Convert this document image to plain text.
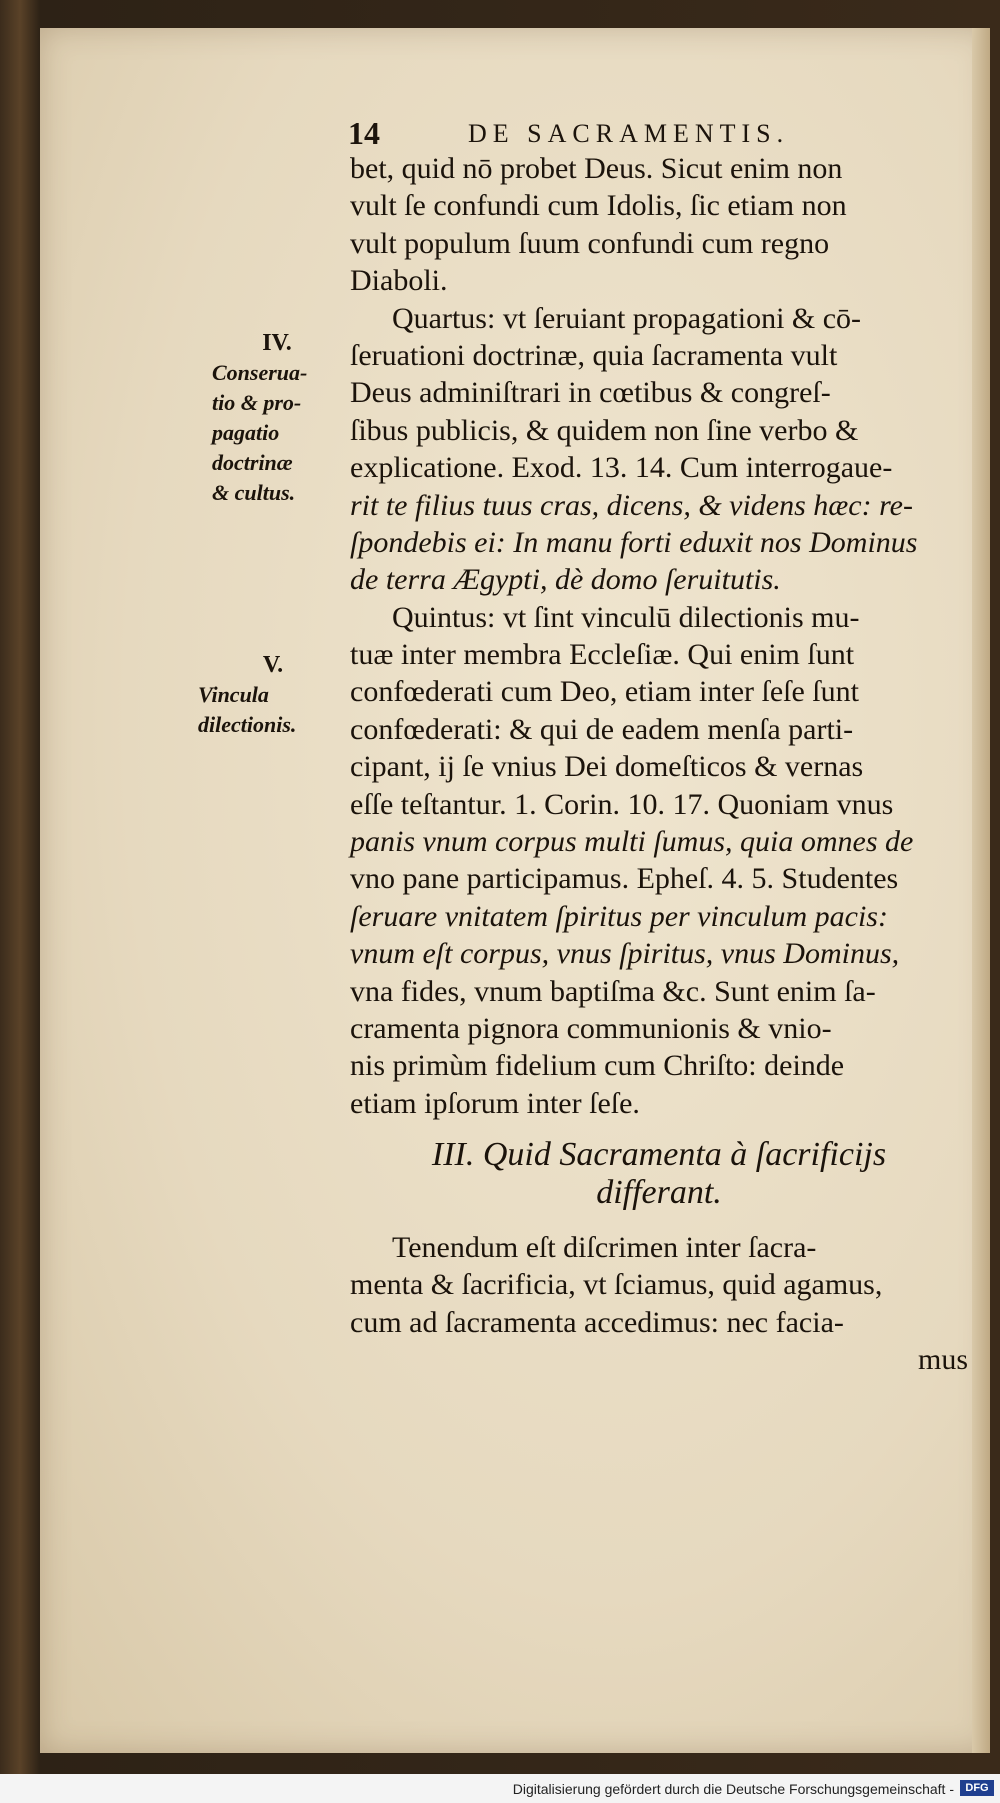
14	DE SACRAMENTIS.
IV.
Conserua-
tio & pro-
pagatio
doctrinæ
& cultus.
V.
Vincula
dilectionis.
bet, quid nō probet Deus. Sicut enim non
vult ſe confundi cum Idolis, ſic etiam non
vult populum ſuum confundi cum regno
Diaboli.
Quartus: vt ſeruiant propagationi & cō-
ſeruationi doctrinæ, quia ſacramenta vult
Deus adminiſtrari in cœtibus & congreſ-
ſibus publicis, & quidem non ſine verbo &
explicatione. Exod. 13. 14. Cum interrogaue-
rit te filius tuus cras, dicens, & videns hæc: re-
ſpondebis ei: In manu forti eduxit nos Dominus
de terra Ægypti, dè domo ſeruitutis.
Quintus: vt ſint vinculū dilectionis mu-
tuæ inter membra Eccleſiæ. Qui enim ſunt
confœderati cum Deo, etiam inter ſeſe ſunt
confœderati: & qui de eadem menſa parti-
cipant, ij ſe vnius Dei domeſticos & vernas
eſſe teſtantur. 1. Corin. 10. 17. Quoniam vnus
panis vnum corpus multi ſumus, quia omnes de
vno pane participamus. Epheſ. 4. 5. Studentes
ſeruare vnitatem ſpiritus per vinculum pacis:
vnum eſt corpus, vnus ſpiritus, vnus Dominus,
vna fides, vnum baptiſma &c. Sunt enim ſa-
cramenta pignora communionis & vnio-
nis primùm fidelium cum Chriſto: deinde
etiam ipſorum inter ſeſe.
III. Quid Sacramenta à ſacrificijs
differant.
Tenendum eſt diſcrimen inter ſacra-
menta & ſacrificia, vt ſciamus, quid agamus,
cum ad ſacramenta accedimus: nec facia-
mus
Digitalisierung gefördert durch die Deutsche Forschungsgemeinschaft -	DFG
